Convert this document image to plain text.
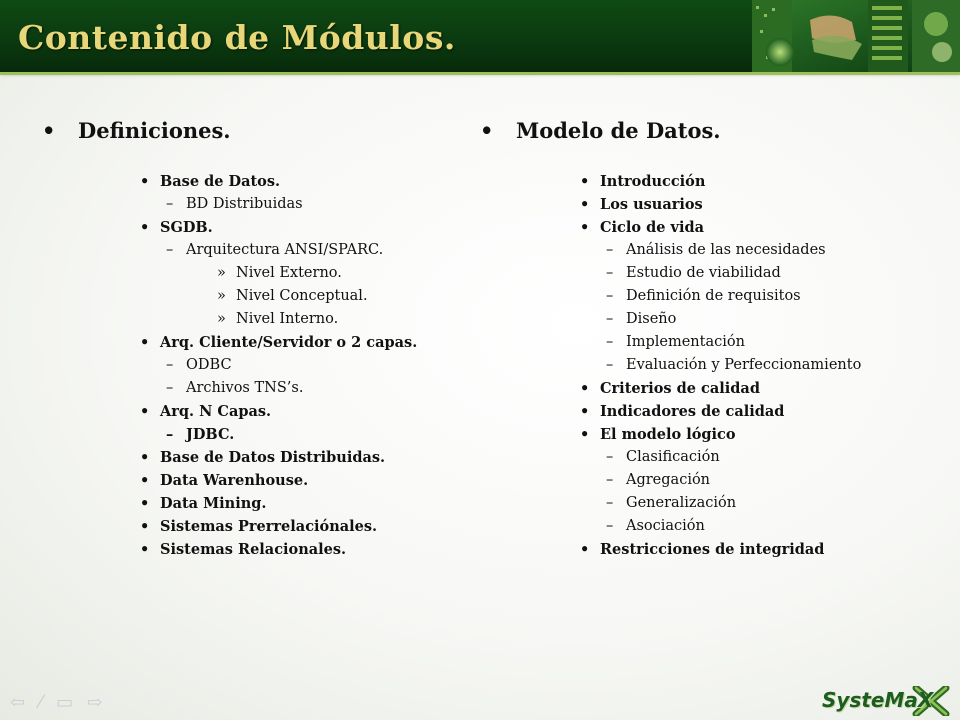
Contenido de Módulos.
• Definiciones.
• Base de Datos.
– BD Distribuidas
• SGDB.
– Arquitectura ANSI/SPARC.
» Nivel Externo.
» Nivel Conceptual.
» Nivel Interno.
• Arq. Cliente/Servidor o 2 capas.
– ODBC
– Archivos TNS’s.
• Arq. N Capas.
– JDBC.
• Base de Datos Distribuidas.
• Data Warenhouse.
• Data Mining.
• Sistemas Prerrelaciónales.
• Sistemas Relacionales.
• Modelo de Datos.
• Introducción
• Los usuarios
• Ciclo de vida
– Análisis de las necesidades
– Estudio de viabilidad
– Definición de requisitos
– Diseño
– Implementación
– Evaluación y Perfeccionamiento
• Criterios de calidad
• Indicadores de calidad
• El modelo lógico
– Clasificación
– Agregación
– Generalización
– Asociación
• Restricciones de integridad
⇦ ⁄ ▭ ⇨	SysteMaX
